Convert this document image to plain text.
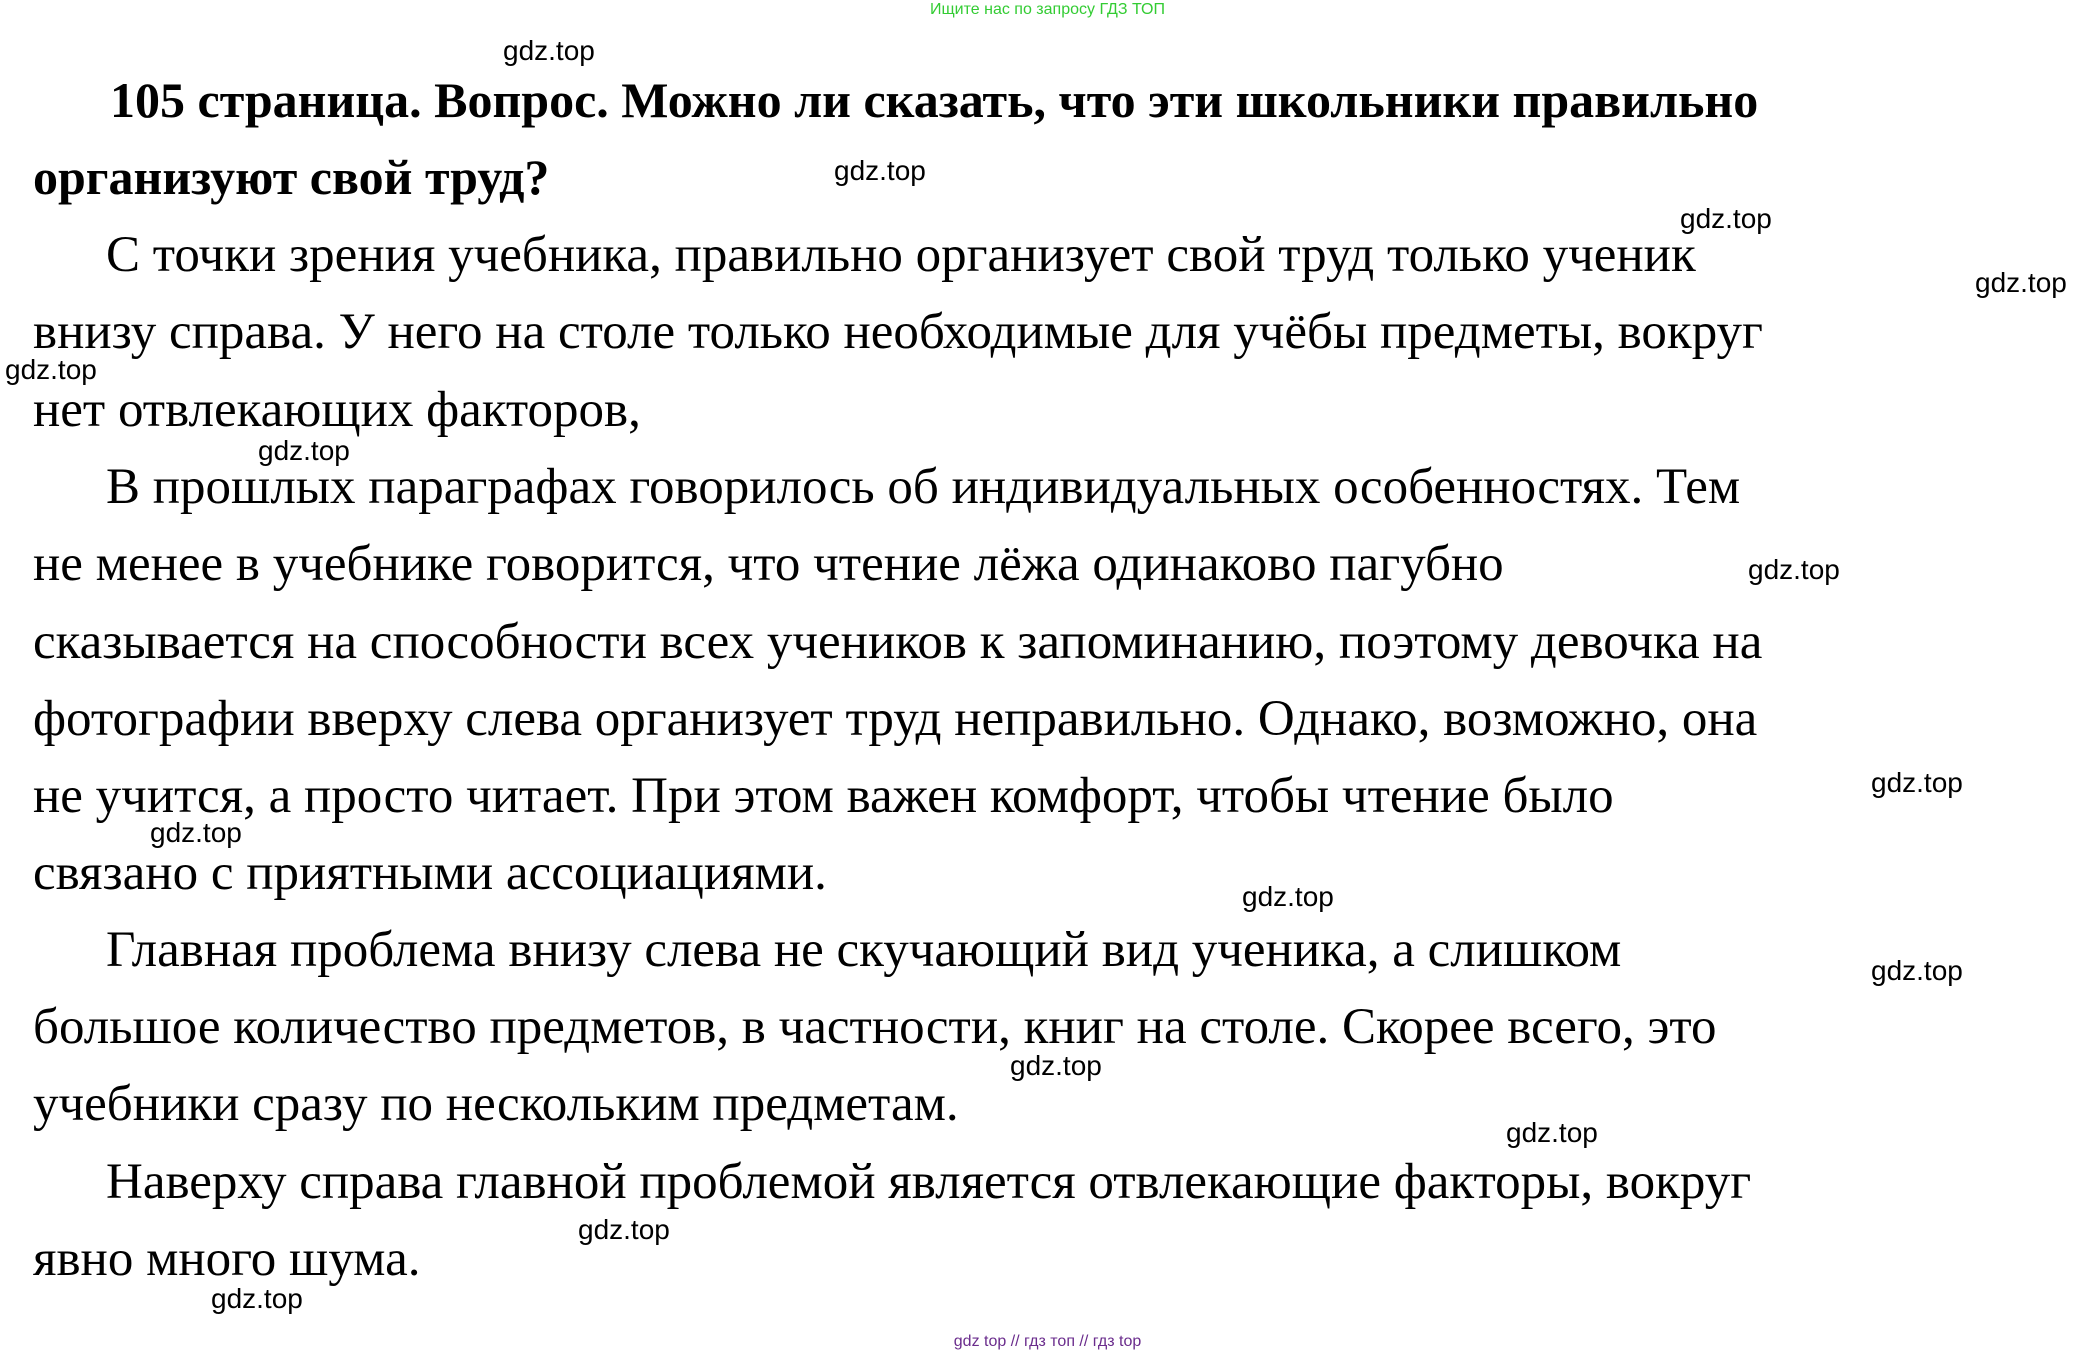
Ищите нас по запросу ГДЗ ТОП
105 страница. Вопрос. Можно ли сказать, что эти школьники правильно
организуют свой труд?
С точки зрения учебника, правильно организует свой труд только ученик
внизу справа. У него на столе только необходимые для учёбы предметы, вокруг
нет отвлекающих факторов,
В прошлых параграфах говорилось об индивидуальных особенностях. Тем
не менее в учебнике говорится, что чтение лёжа одинаково пагубно
сказывается на способности всех учеников к запоминанию, поэтому девочка на
фотографии вверху слева организует труд неправильно. Однако, возможно, она
не учится, а просто читает. При этом важен комфорт, чтобы чтение было
связано с приятными ассоциациями.
Главная проблема внизу слева не скучающий вид ученика, а слишком
большое количество предметов, в частности, книг на столе. Скорее всего, это
учебники сразу по нескольким предметам.
Наверху справа главной проблемой является отвлекающие факторы, вокруг
явно много шума.
gdz.top
gdz.top
gdz.top
gdz.top
gdz.top
gdz.top
gdz.top
gdz.top
gdz.top
gdz.top
gdz.top
gdz.top
gdz.top
gdz.top
gdz.top
gdz top // гдз топ // гдз top
